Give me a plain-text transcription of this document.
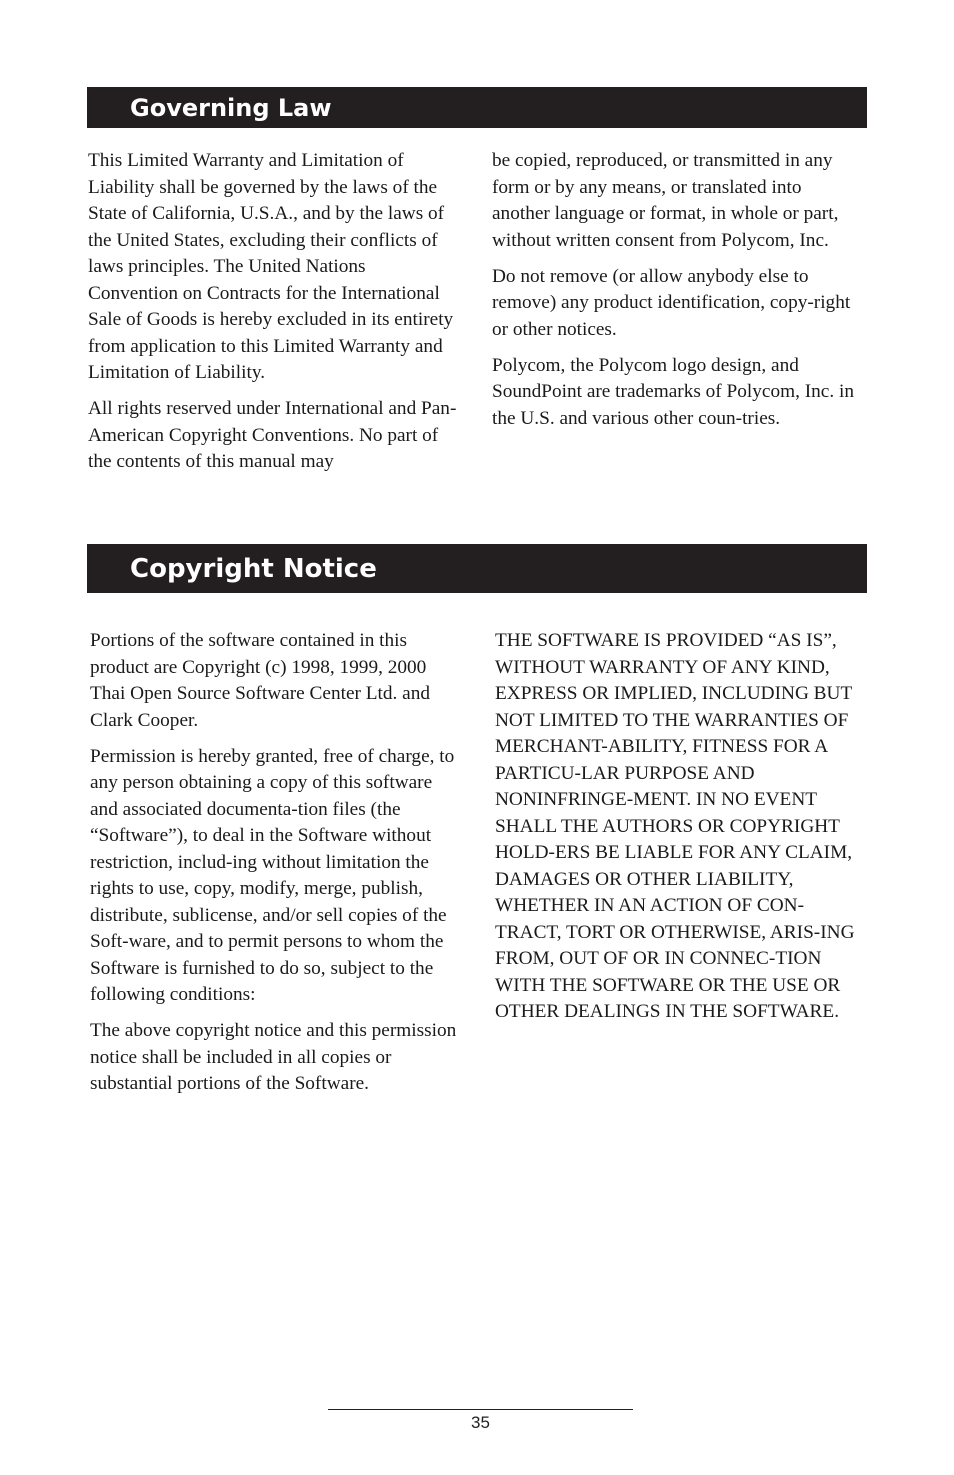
Governing Law

This Limited Warranty and Limitation of Liability shall be governed by the laws of the State of California, U.S.A., and by the laws of the United States, excluding their conflicts of laws principles. The United Nations Convention on Contracts for the International Sale of Goods is hereby excluded in its entirety from application to this Limited Warranty and Limitation of Liability.

All rights reserved under International and Pan-American Copyright Conventions. No part of the contents of this manual may

be copied, reproduced, or transmitted in any form or by any means, or translated into another language or format, in whole or part, without written consent from Polycom, Inc.

Do not remove (or allow anybody else to remove) any product identification, copy-right or other notices.

Polycom, the Polycom logo design, and SoundPoint are trademarks of Polycom, Inc. in the U.S. and various other coun-tries.

Copyright Notice

Portions of the software contained in this product are Copyright (c) 1998, 1999, 2000 Thai Open Source Software Center Ltd. and Clark Cooper.

Permission is hereby granted, free of charge, to any person obtaining a copy of this software and associated documenta-tion files (the “Software”), to deal in the Software without restriction, includ-ing without limitation the rights to use, copy, modify, merge, publish, distribute, sublicense, and/or sell copies of the Soft-ware, and to permit persons to whom the Software is furnished to do so, subject to the following conditions:

The above copyright notice and this permission notice shall be included in all copies or substantial portions of the Software.

THE SOFTWARE IS PROVIDED “AS IS”, WITHOUT WARRANTY OF ANY KIND, EXPRESS OR IMPLIED, INCLUDING BUT NOT LIMITED TO THE WARRANTIES OF MERCHANT-ABILITY, FITNESS FOR A PARTICU-LAR PURPOSE AND NONINFRINGE-MENT. IN NO EVENT SHALL THE AUTHORS OR COPYRIGHT HOLD-ERS BE LIABLE FOR ANY CLAIM, DAMAGES OR OTHER LIABILITY, WHETHER IN AN ACTION OF CON-TRACT, TORT OR OTHERWISE, ARIS-ING FROM, OUT OF OR IN CONNEC-TION WITH THE SOFTWARE OR THE USE OR OTHER DEALINGS IN THE SOFTWARE.

35
